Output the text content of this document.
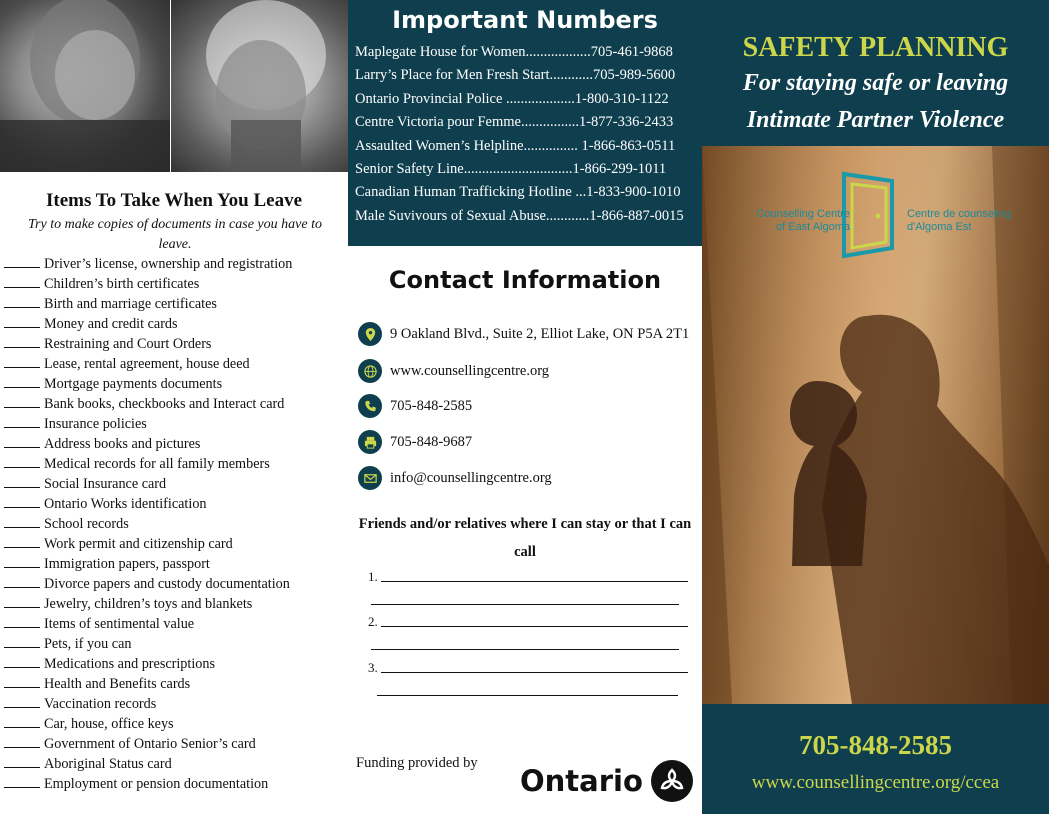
Items To Take When You Leave
Try to make copies of documents in case you have to leave.
Driver’s license, ownership and registration
Children’s birth certificates
Birth and marriage certificates
Money and credit cards
Restraining and Court Orders
Lease, rental agreement, house deed
Mortgage payments documents
Bank books, checkbooks and Interact card
Insurance policies
Address books and pictures
Medical records for all family members
Social Insurance card
Ontario Works identification
School records
Work permit and citizenship card
Immigration papers, passport
Divorce papers and custody documentation
Jewelry, children’s toys and blankets
Items of sentimental value
Pets, if you can
Medications and prescriptions
Health and Benefits cards
Vaccination records
Car, house, office keys
Government of Ontario Senior’s card
Aboriginal Status card
Employment or pension documentation
Important Numbers
Maplegate House for Women..................705-461-9868
Larry’s Place for Men Fresh Start............705-989-5600
Ontario Provincial Police ...................1-800-310-1122
Centre Victoria pour Femme................1-877-336-2433
Assaulted Women’s Helpline............... 1-866-863-0511
Senior Safety Line..............................1-866-299-1011
Canadian Human Trafficking Hotline ...1-833-900-1010
Male Suvivours of Sexual Abuse............1-866-887-0015
Contact Information
9 Oakland Blvd., Suite 2, Elliot Lake, ON P5A 2T1
www.counsellingcentre.org
705-848-2585
705-848-9687
info@counsellingcentre.org
Friends and/or relatives where I can stay or that I can call
1.
2.
3.
Funding provided by
Ontario
SAFETY PLANNING
For staying safe or leaving
Intimate Partner Violence
Counselling Centre
of East Algoma
Centre de counseling
d'Algoma Est
705-848-2585
www.counsellingcentre.org/ccea
